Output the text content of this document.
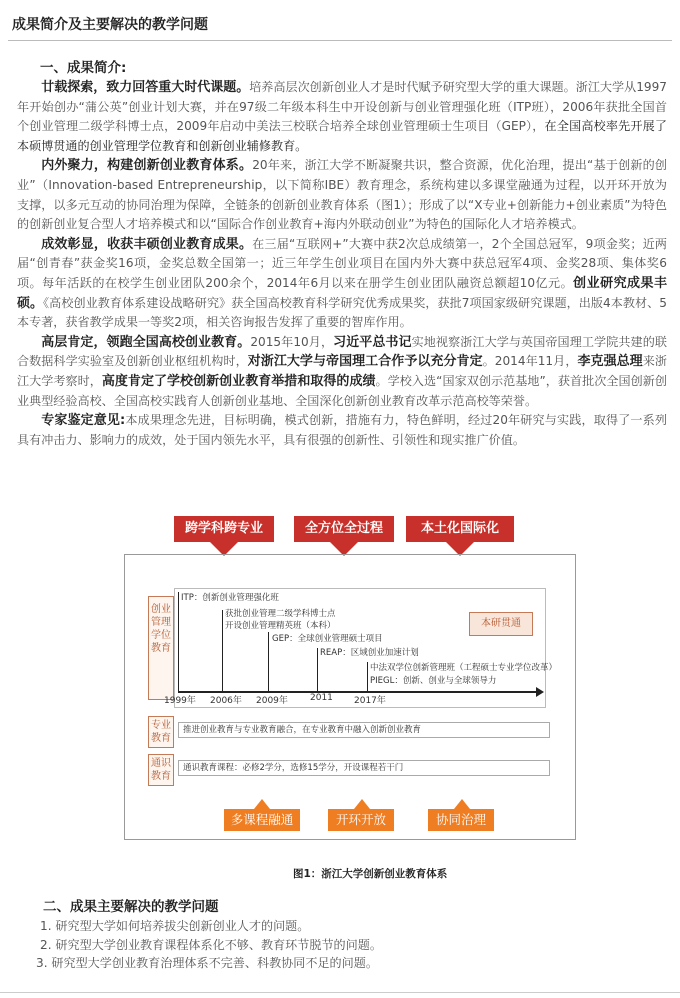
成果简介及主要解决的教学问题
一、成果简介:

廿载探索，致力回答重大时代课题。培养高层次创新创业人才是时代赋予研究型大学的重大课题。浙江大学从1997年开始创办“蒲公英”创业计划大赛，并在97级二年级本科生中开设创新与创业管理强化班（ITP班），2006年获批全国首个创业管理二级学科博士点，2009年启动中美法三校联合培养全球创业管理硕士生项目（GEP），在全国高校率先开展了本硕博贯通的创业管理学位教育和创新创业辅修教育。

内外聚力，构建创新创业教育体系。20年来，浙江大学不断凝聚共识，整合资源，优化治理，提出“基于创新的创业”（Innovation-based Entrepreneurship，以下简称IBE）教育理念，系统构建以多课堂融通为过程，以开环开放为支撑，以多元互动的协同治理为保障，全链条的创新创业教育体系（图1）；形成了以“X专业+创新能力+创业素质”为特色的创新创业复合型人才培养模式和以“国际合作创业教育+海内外联动创业”为特色的国际化人才培养模式。

成效彰显，收获丰硕创业教育成果。在三届“互联网+”大赛中获2次总成绩第一，2个全国总冠军，9项金奖；近两届“创青春”获金奖16项，金奖总数全国第一；近三年学生创业项目在国内外大赛中获总冠军4项、金奖28项、集体奖6项。每年活跃的在校学生创业团队200余个，2014年6月以来在册学生创业团队融资总额超10亿元。创业研究成果丰硕。《高校创业教育体系建设战略研究》获全国高校教育科学研究优秀成果奖，获批7项国家级研究课题，出版4本教材、5本专著，获省教学成果一等奖2项，相关咨询报告发挥了重要的智库作用。

高层肯定，领跑全国高校创业教育。2015年10月，习近平总书记实地视察浙江大学与英国帝国理工学院共建的联合数据科学实验室及创新创业枢纽机构时，对浙江大学与帝国理工合作予以充分肯定。2014年11月，李克强总理来浙江大学考察时，高度肯定了学校创新创业教育举措和取得的成绩。学校入选“国家双创示范基地”，获首批次全国创新创业典型经验高校、全国高校实践育人创新创业基地、全国深化创新创业教育改革示范高校等荣誉。

专家鉴定意见:本成果理念先进，目标明确，模式创新，措施有力，特色鲜明，经过20年研究与实践，取得了一系列具有冲击力、影响力的成效，处于国内领先水平，具有很强的创新性、引领性和现实推广价值。

跨学科跨专业	全方位全过程	本土化国际化
创业管理学位教育
专业教育
通识教育
ITP：创新创业管理强化班
获批创业管理二级学科博士点
开设创业管理精英班（本科）
GEP：全球创业管理硕士项目
REAP：区域创业加速计划
中法双学位创新管理班（工程硕士专业学位改革）
PIEGL：创新、创业与全球领导力
1999年 2006年 2009年 2011 2017年
本研贯通
推进创业教育与专业教育融合，在专业教育中融入创新创业教育
通识教育课程：必修2学分，选修15学分，开设课程若干门
多课程融通	开环开放	协同治理
图1：浙江大学创新创业教育体系
二、成果主要解决的教学问题
1. 研究型大学如何培养拔尖创新创业人才的问题。
2. 研究型大学创业教育课程体系化不够、教育环节脱节的问题。
3. 研究型大学创业教育治理体系不完善、科教协同不足的问题。
